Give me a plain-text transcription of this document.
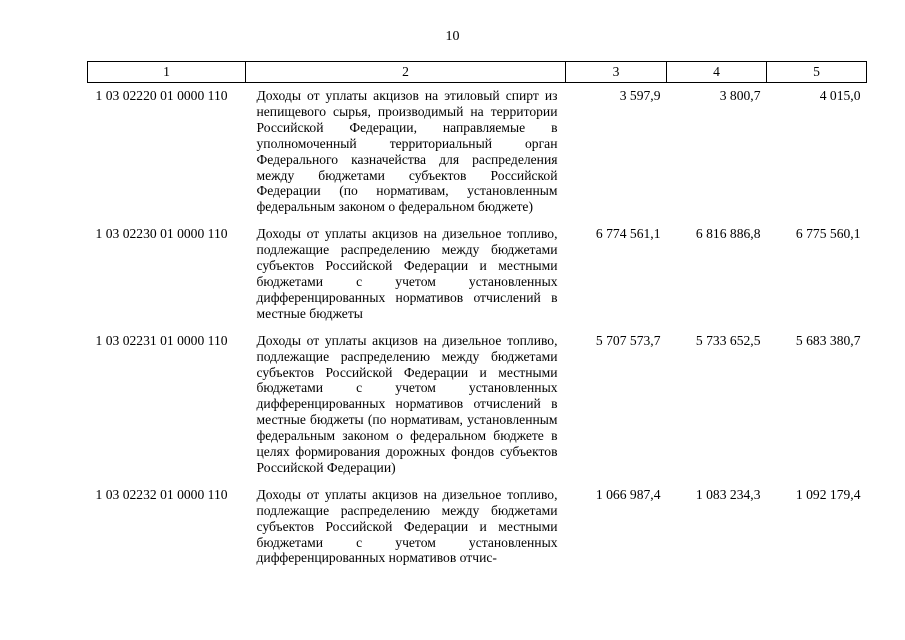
10
1	2	3	4	5
1 03 02220 01 0000 110	Доходы от уплаты акцизов на этиловый спирт из непищевого сырья, производимый на территории Российской Федерации, направляемые в уполномоченный территориальный орган Федерального казначейства для распределения между бюджетами субъектов Российской Федерации (по нормативам, установленным федеральным законом о федеральном бюджете)	3 597,9	3 800,7	4 015,0
1 03 02230 01 0000 110	Доходы от уплаты акцизов на дизельное топливо, подлежащие распределению между бюджетами субъектов Российской Федерации и местными бюджетами с учетом установленных дифференцированных нормативов отчислений в местные бюджеты	6 774 561,1	6 816 886,8	6 775 560,1
1 03 02231 01 0000 110	Доходы от уплаты акцизов на дизельное топливо, подлежащие распределению между бюджетами субъектов Российской Федерации и местными бюджетами с учетом установленных дифференцированных нормативов отчислений в местные бюджеты (по нормативам, установленным федеральным законом о федеральном бюджете в целях формирования дорожных фондов субъектов Российской Федерации)	5 707 573,7	5 733 652,5	5 683 380,7
1 03 02232 01 0000 110	Доходы от уплаты акцизов на дизельное топливо, подлежащие распределению между бюджетами субъектов Российской Федерации и местными бюджетами с учетом установленных дифференцированных нормативов отчис-	1 066 987,4	1 083 234,3	1 092 179,4
